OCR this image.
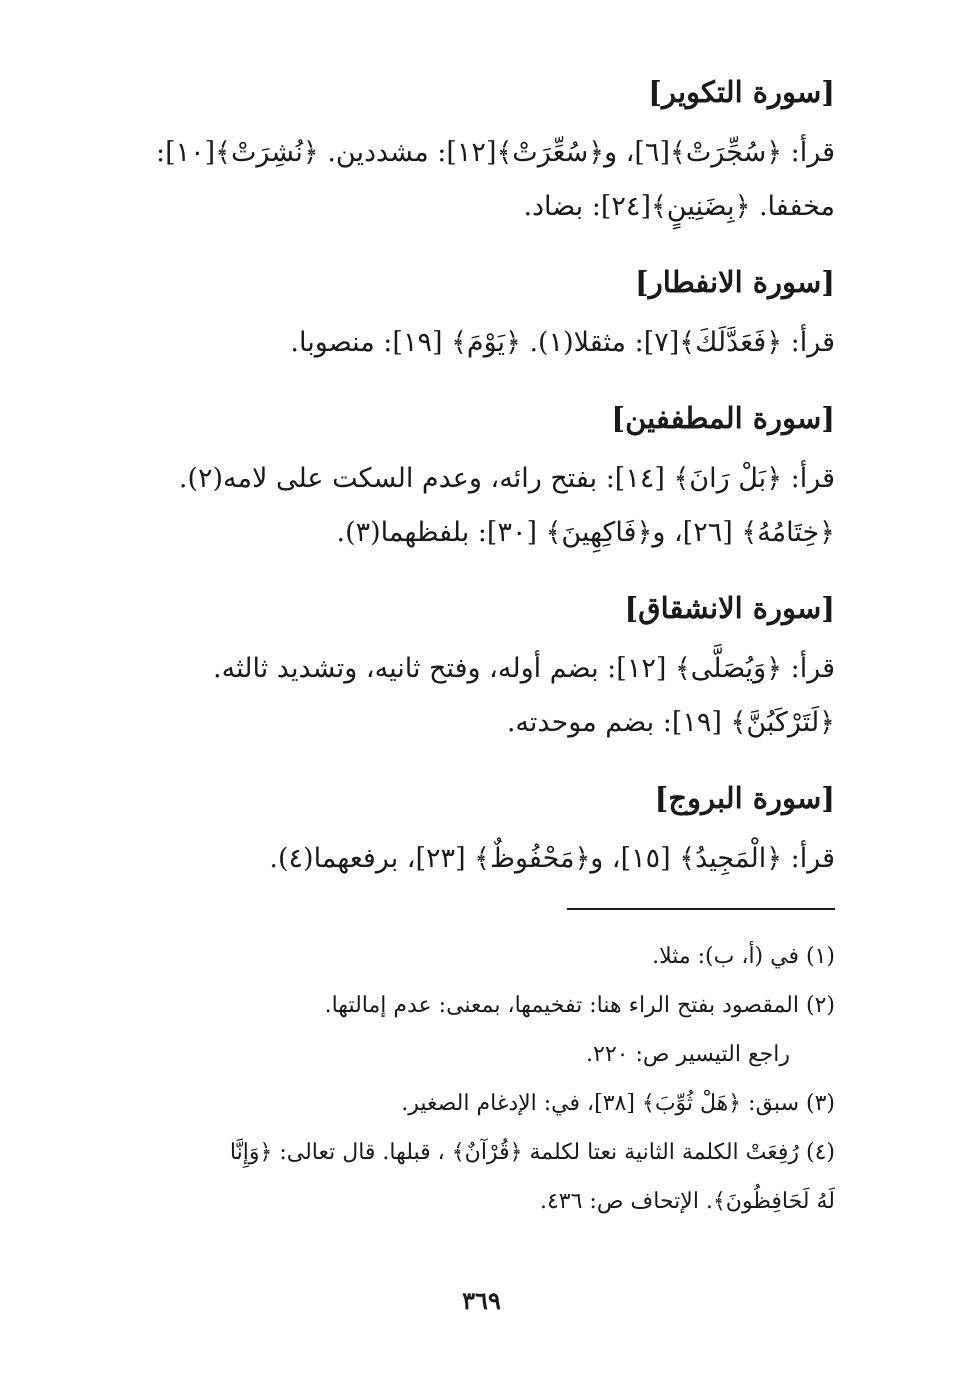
[سورة التكوير]
قرأ: ﴿سُجِّرَتْ﴾[٦]، و﴿سُعِّرَتْ﴾[١٢]: مشددين. ﴿نُشِرَتْ﴾[١٠]:
مخففا. ﴿بِضَنِينٍ﴾[٢٤]: بضاد.
[سورة الانفطار]
قرأ: ﴿فَعَدَّلَكَ﴾[٧]: مثقلا(١). ﴿يَوْمَ﴾ [١٩]: منصوبا.
[سورة المطففين]
قرأ: ﴿بَلْ رَانَ﴾ [١٤]: بفتح رائه، وعدم السكت على لامه(٢).
﴿خِتَامُهُ﴾ [٢٦]، و﴿فَاكِهِينَ﴾ [٣٠]: بلفظهما(٣).
[سورة الانشقاق]
قرأ: ﴿وَيُصَلَّى﴾ [١٢]: بضم أوله، وفتح ثانيه، وتشديد ثالثه.
﴿لَتَرْكَبُنَّ﴾ [١٩]: بضم موحدته.
[سورة البروج]
قرأ: ﴿الْمَجِيدُ﴾ [١٥]، و﴿مَحْفُوظٌ﴾ [٢٣]، برفعهما(٤).
(١) في (أ، ب): مثلا.
(٢) المقصود بفتح الراء هنا: تفخيمها، بمعنى: عدم إمالتها.
راجع التيسير ص: ٢٢٠.
(٣) سبق: ﴿هَلْ ثُوِّبَ﴾ [٣٨]، في: الإدغام الصغير.
(٤) رُفِعَتْ الكلمة الثانية نعتا لكلمة ﴿قُرْآنٌ﴾ ، قبلها. قال تعالى: ﴿وَإِنَّا
لَهُ لَحَافِظُونَ﴾. الإتحاف ص: ٤٣٦.
٣٦٩
